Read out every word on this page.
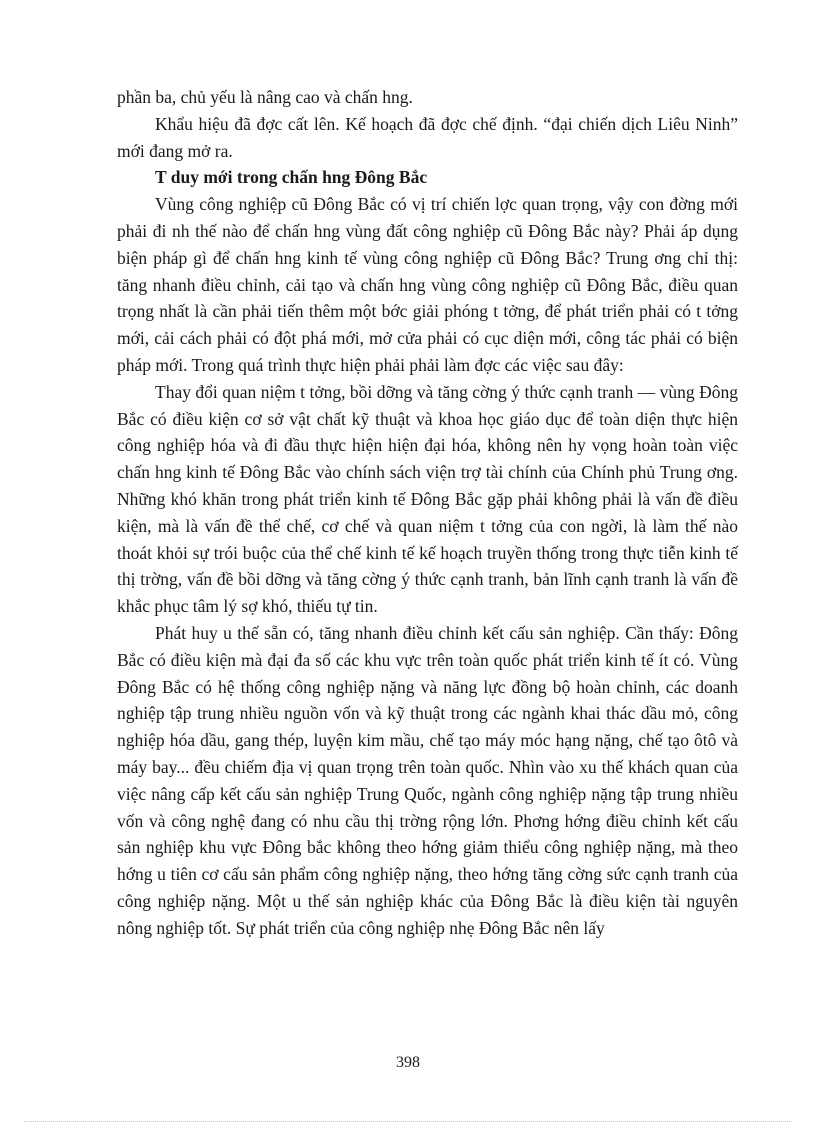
phần ba, chủ yếu là nâng cao và chấn hng.

Khẩu hiệu đã đợc cất lên. Kế hoạch đã đợc chế định. “đại chiến dịch Liêu Ninh” mới đang mở ra.

T duy mới trong chấn hng Đông Bắc

Vùng công nghiệp cũ Đông Bắc có vị trí chiến lợc quan trọng, vậy con đờng mới phải đi nh thế nào để chấn hng vùng đất công nghiệp cũ Đông Bắc này? Phải áp dụng biện pháp gì để chấn hng kinh tế vùng công nghiệp cũ Đông Bắc? Trung ơng chỉ thị: tăng nhanh điều chỉnh, cải tạo và chấn hng vùng công nghiệp cũ Đông Bắc, điều quan trọng nhất là cần phải tiến thêm một bớc giải phóng t tởng, để phát triển phải có t tởng mới, cải cách phải có đột phá mới, mở cửa phải có cục diện mới, công tác phải có biện pháp mới. Trong quá trình thực hiện phải phải làm đợc các việc sau đây:

Thay đổi quan niệm t tởng, bồi dỡng và tăng cờng ý thức cạnh tranh — vùng Đông Bắc có điều kiện cơ sở vật chất kỹ thuật và khoa học giáo dục để toàn diện thực hiện công nghiệp hóa và đi đầu thực hiện hiện đại hóa, không nên hy vọng hoàn toàn việc chấn hng kinh tế Đông Bắc vào chính sách viện trợ tài chính của Chính phủ Trung ơng. Những khó khăn trong phát triển kinh tế Đông Bắc gặp phải không phải là vấn đề điều kiện, mà là vấn đề thể chế, cơ chế và quan niệm t tởng của con ngời, là làm thế nào thoát khỏi sự trói buộc của thể chế kinh tế kế hoạch truyền thống trong thực tiễn kinh tế thị trờng, vấn đề bồi dỡng và tăng cờng ý thức cạnh tranh, bản lĩnh cạnh tranh là vấn đề khắc phục tâm lý sợ khó, thiếu tự tin.

Phát huy u thế sẵn có, tăng nhanh điều chỉnh kết cấu sản nghiệp. Cần thấy: Đông Bắc có điều kiện mà đại đa số các khu vực trên toàn quốc phát triển kinh tế ít có. Vùng Đông Bắc có hệ thống công nghiệp nặng và năng lực đồng bộ hoàn chỉnh, các doanh nghiệp tập trung nhiều nguồn vốn và kỹ thuật trong các ngành khai thác dầu mỏ, công nghiệp hóa dầu, gang thép, luyện kim mầu, chế tạo máy móc hạng nặng, chế tạo ôtô và máy bay... đều chiếm địa vị quan trọng trên toàn quốc. Nhìn vào xu thế khách quan của việc nâng cấp kết cấu sản nghiệp Trung Quốc, ngành công nghiệp nặng tập trung nhiều vốn và công nghệ đang có nhu cầu thị trờng rộng lớn. Phơng hớng điều chỉnh kết cấu sản nghiệp khu vực Đông bắc không theo hớng giảm thiểu công nghiệp nặng, mà theo hớng u tiên cơ cấu sản phẩm công nghiệp nặng, theo hớng tăng cờng sức cạnh tranh của công nghiệp nặng. Một u thế sản nghiệp khác của Đông Bắc là điều kiện tài nguyên nông nghiệp tốt. Sự phát triển của công nghiệp nhẹ Đông Bắc nên lấy

398
